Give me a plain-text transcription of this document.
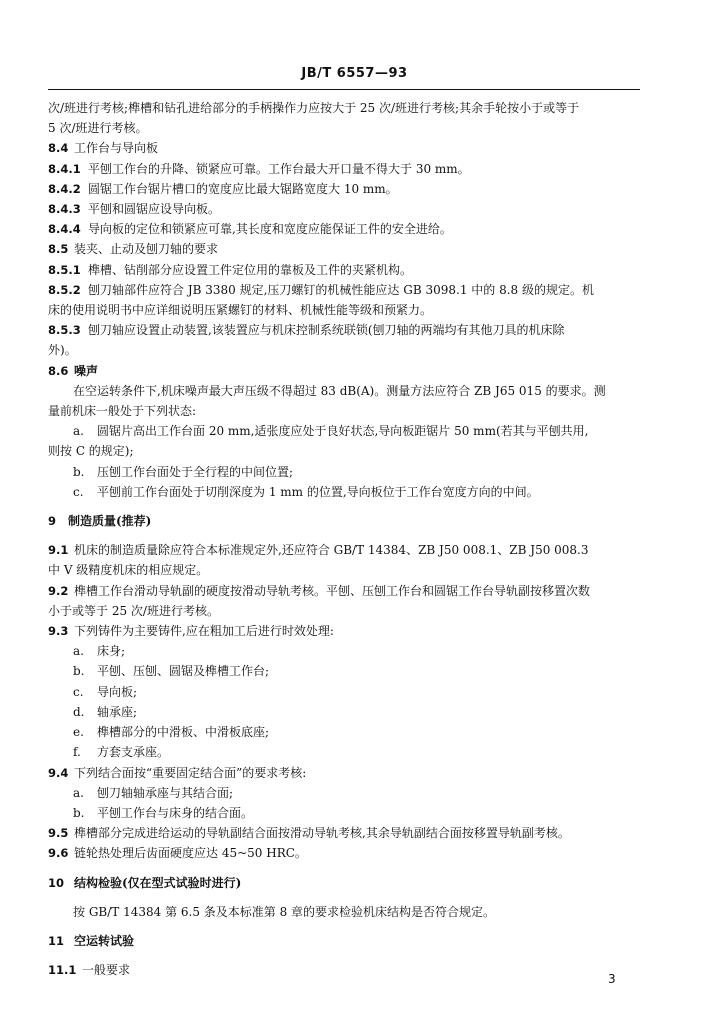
JB/T 6557—93
次/班进行考核;榫槽和钻孔进给部分的手柄操作力应按大于 25 次/班进行考核;其余手轮按小于或等于
5 次/班进行考核。
8.4 工作台与导向板
8.4.1 平刨工作台的升降、锁紧应可靠。工作台最大开口量不得大于 30 mm。
8.4.2 圆锯工作台锯片槽口的宽度应比最大锯路宽度大 10 mm。
8.4.3 平刨和圆锯应设导向板。
8.4.4 导向板的定位和锁紧应可靠,其长度和宽度应能保证工件的安全进给。
8.5 装夹、止动及刨刀轴的要求
8.5.1 榫槽、钻削部分应设置工件定位用的靠板及工件的夹紧机构。
8.5.2 刨刀轴部件应符合 JB 3380 规定,压刀螺钉的机械性能应达 GB 3098.1 中的 8.8 级的规定。机
床的使用说明书中应详细说明压紧螺钉的材料、机械性能等级和预紧力。
8.5.3 刨刀轴应设置止动装置,该装置应与机床控制系统联锁(刨刀轴的两端均有其他刀具的机床除
外)。
8.6 噪声
在空运转条件下,机床噪声最大声压级不得超过 83 dB(A)。测量方法应符合 ZB J65 015 的要求。测
量前机床一般处于下列状态:
a. 圆锯片高出工作台面 20 mm,适张度应处于良好状态,导向板距锯片 50 mm(若其与平刨共用,
则按 C 的规定);
b. 压刨工作台面处于全行程的中间位置;
c. 平刨前工作台面处于切削深度为 1 mm 的位置,导向板位于工作台宽度方向的中间。
9 制造质量(推荐)
9.1 机床的制造质量除应符合本标准规定外,还应符合 GB/T 14384、ZB J50 008.1、ZB J50 008.3
中 V 级精度机床的相应规定。
9.2 榫槽工作台滑动导轨副的硬度按滑动导轨考核。平刨、压刨工作台和圆锯工作台导轨副按移置次数
小于或等于 25 次/班进行考核。
9.3 下列铸件为主要铸件,应在粗加工后进行时效处理:
a. 床身;
b. 平刨、压刨、圆锯及榫槽工作台;
c. 导向板;
d. 轴承座;
e. 榫槽部分的中滑板、中滑板底座;
f. 方套支承座。
9.4 下列结合面按“重要固定结合面”的要求考核:
a. 刨刀轴轴承座与其结合面;
b. 平刨工作台与床身的结合面。
9.5 榫槽部分完成进给运动的导轨副结合面按滑动导轨考核,其余导轨副结合面按移置导轨副考核。
9.6 链轮热处理后齿面硬度应达 45~50 HRC。
10 结构检验(仅在型式试验时进行)
按 GB/T 14384 第 6.5 条及本标准第 8 章的要求检验机床结构是否符合规定。
11 空运转试验
11.1 一般要求
3
